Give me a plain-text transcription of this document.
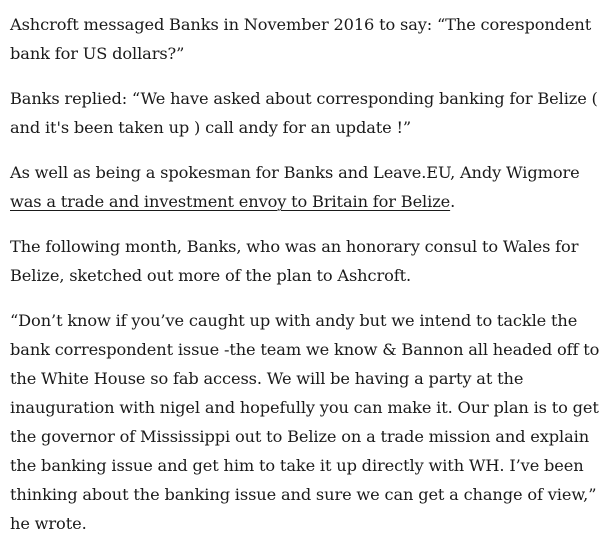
Ashcroft messaged Banks in November 2016 to say: “The corespondent bank for US dollars?”

Banks replied: “We have asked about corresponding banking for Belize ( and it's been taken up ) call andy for an update !”

As well as being a spokesman for Banks and Leave.EU, Andy Wigmore was a trade and investment envoy to Britain for Belize.

The following month, Banks, who was an honorary consul to Wales for Belize, sketched out more of the plan to Ashcroft.

“Don’t know if you’ve caught up with andy but we intend to tackle the bank correspondent issue -the team we know & Bannon all headed off to the White House so fab access. We will be having a party at the inauguration with nigel and hopefully you can make it. Our plan is to get the governor of Mississippi out to Belize on a trade mission and explain the banking issue and get him to take it up directly with WH. I’ve been thinking about the banking issue and sure we can get a change of view,” he wrote.
